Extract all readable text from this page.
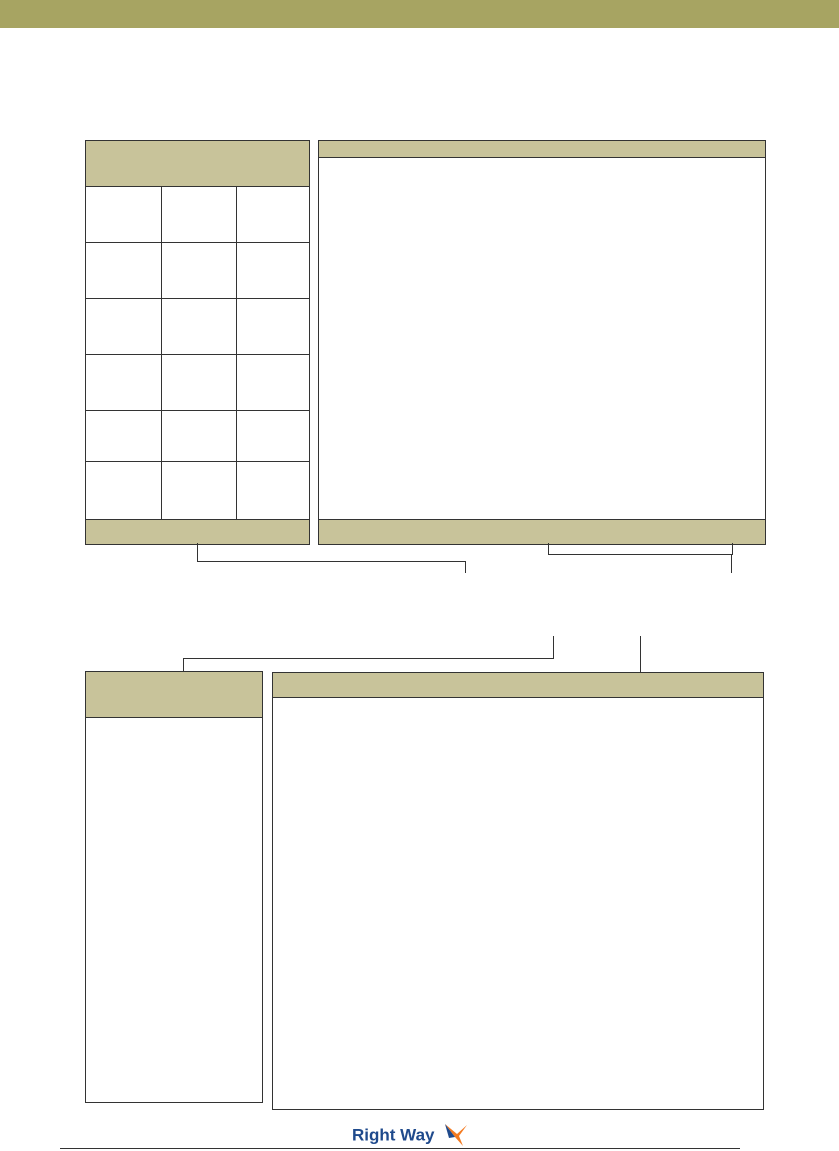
Right Way
